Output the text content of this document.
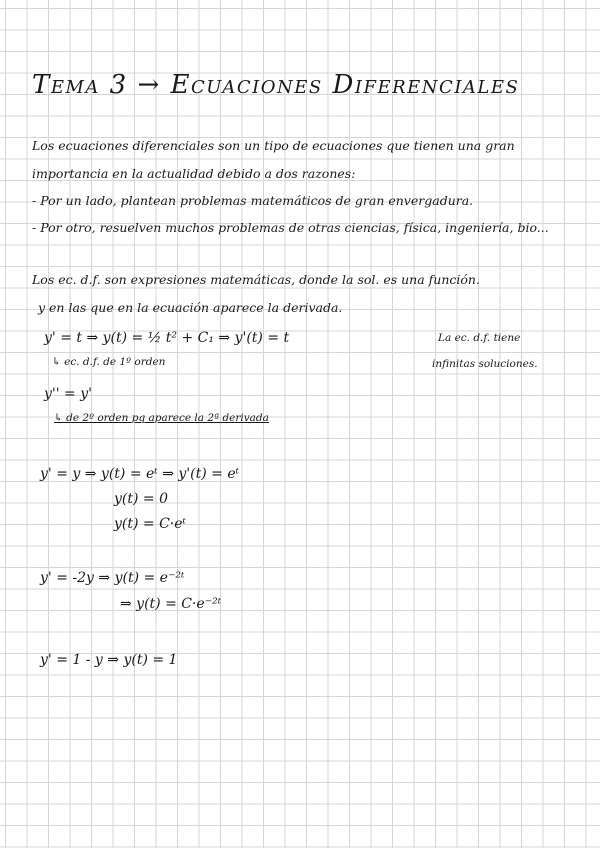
Tema 3 → Ecuaciones Diferenciales
Los ecuaciones diferenciales son un tipo de ecuaciones que tienen una gran
importancia en la actualidad debido a dos razones:
- Por un lado, plantean problemas matemáticos de gran envergadura.
- Por otro, resuelven muchos problemas de otras ciencias, física, ingeniería, bio...
Los ec. d.f. son expresiones matemáticas, donde la sol. es una función.
y en las que en la ecuación aparece la derivada.
y' = t ⇒ y(t) = ½ t² + C₁ ⇒ y'(t) = t
↳ ec. d.f. de 1º orden
La ec. d.f. tiene
infinitas soluciones.
y'' = y'
↳ de 2º orden pq aparece la 2ª derivada
y' = y ⇒ y(t) = eᵗ ⇒ y'(t) = eᵗ
y(t) = 0
y(t) = C·eᵗ
y' = -2y ⇒ y(t) = e⁻²ᵗ
⇒ y(t) = C·e⁻²ᵗ
y' = 1 - y ⇒ y(t) = 1
